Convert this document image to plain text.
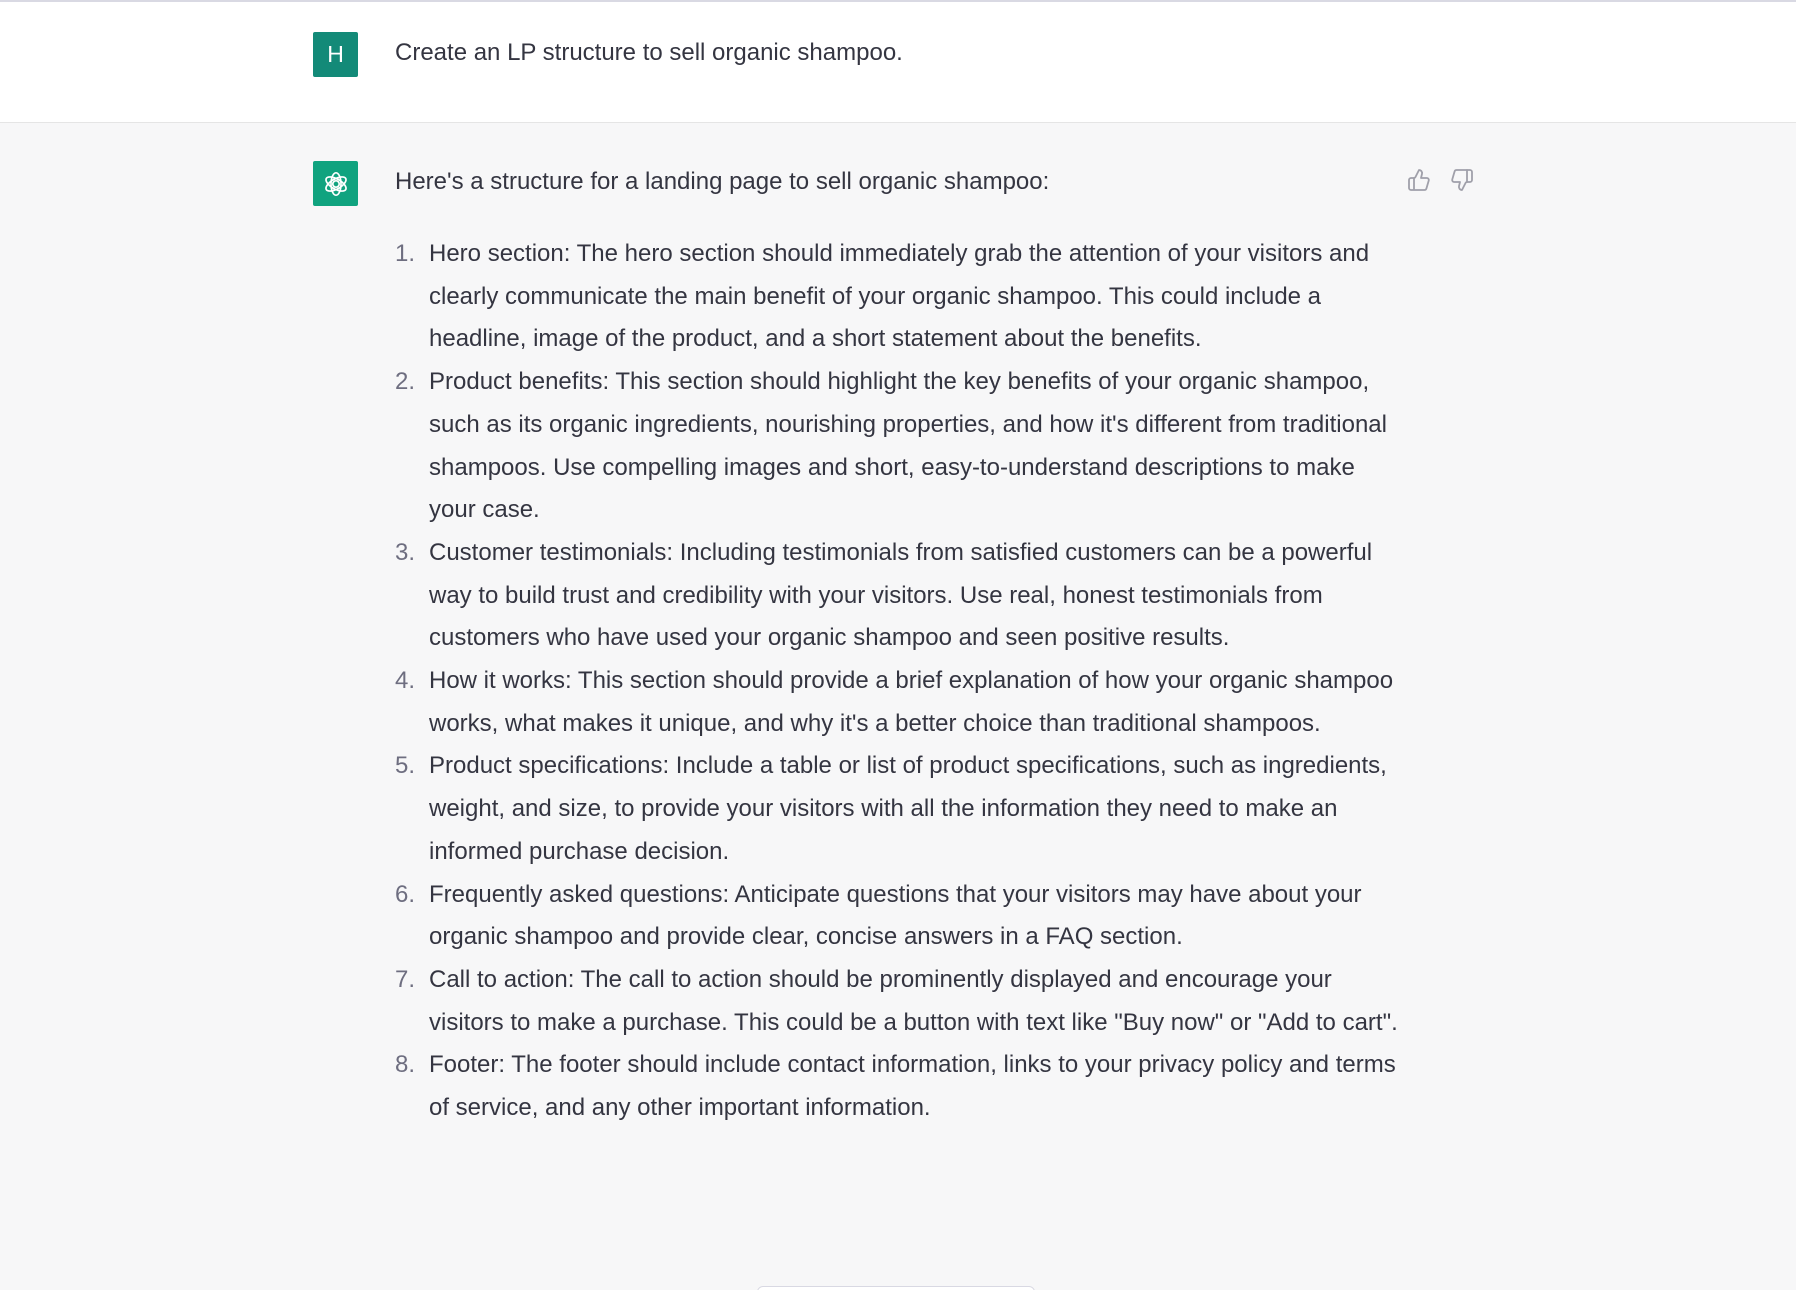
H Create an LP structure to sell organic shampoo.
Here's a structure for a landing page to sell organic shampoo:
1. Hero section: The hero section should immediately grab the attention of your visitors and clearly communicate the main benefit of your organic shampoo. This could include a headline, image of the product, and a short statement about the benefits.
2. Product benefits: This section should highlight the key benefits of your organic shampoo, such as its organic ingredients, nourishing properties, and how it's different from traditional shampoos. Use compelling images and short, easy-to-understand descriptions to make your case.
3. Customer testimonials: Including testimonials from satisfied customers can be a powerful way to build trust and credibility with your visitors. Use real, honest testimonials from customers who have used your organic shampoo and seen positive results.
4. How it works: This section should provide a brief explanation of how your organic shampoo works, what makes it unique, and why it's a better choice than traditional shampoos.
5. Product specifications: Include a table or list of product specifications, such as ingredients, weight, and size, to provide your visitors with all the information they need to make an informed purchase decision.
6. Frequently asked questions: Anticipate questions that your visitors may have about your organic shampoo and provide clear, concise answers in a FAQ section.
7. Call to action: The call to action should be prominently displayed and encourage your visitors to make a purchase. This could be a button with text like "Buy now" or "Add to cart".
8. Footer: The footer should include contact information, links to your privacy policy and terms of service, and any other important information.
